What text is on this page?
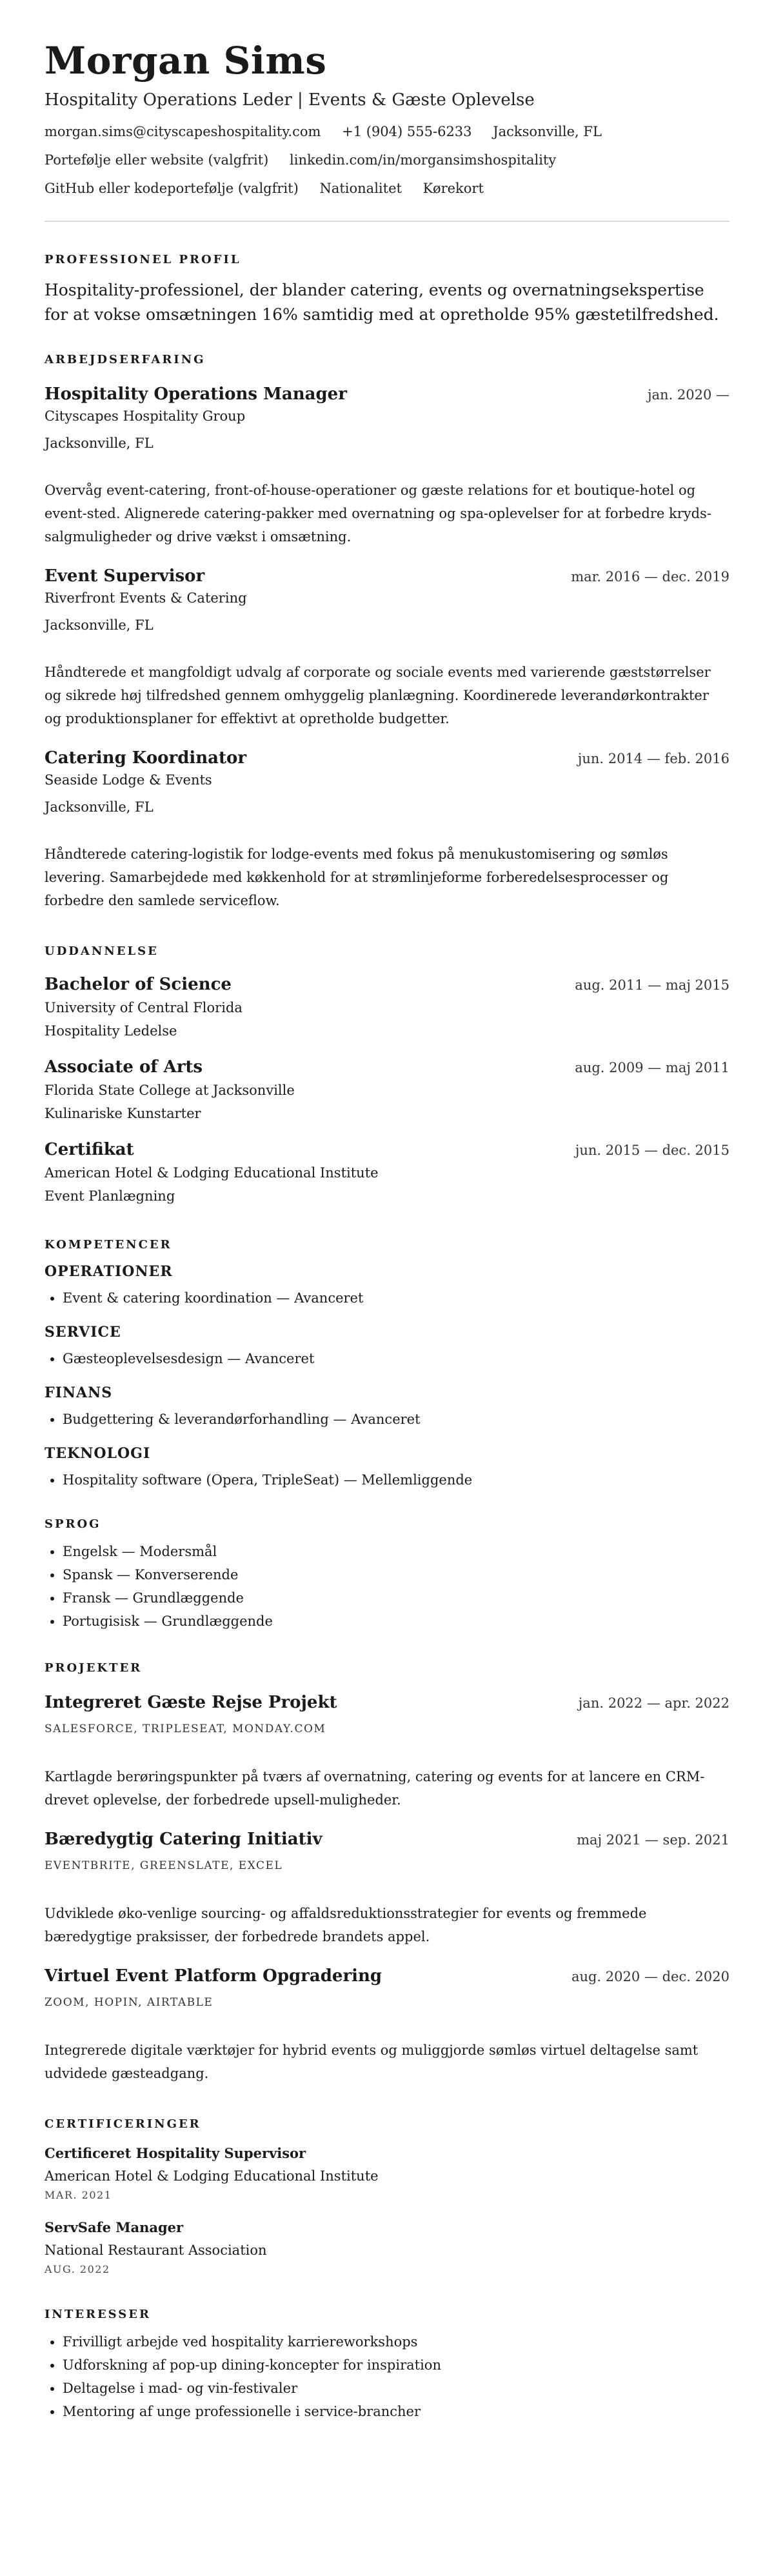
Morgan Sims
Hospitality Operations Leder | Events & Gæste Oplevelse
morgan.sims@cityscapeshospitality.com +1 (904) 555-6233 Jacksonville, FL
Portefølje eller website (valgfrit) linkedin.com/in/morgansimshospitality
GitHub eller kodeportefølje (valgfrit) Nationalitet Kørekort
PROFESSIONEL PROFIL
Hospitality-professionel, der blander catering, events og overnatningsekspertise for at vokse omsætningen 16% samtidig med at opretholde 95% gæstetilfredshed.
ARBEJDSERFARING
Hospitality Operations Manager	jan. 2020 —
Cityscapes Hospitality Group
Jacksonville, FL
Overvåg event-catering, front-of-house-operationer og gæste relations for et boutique-hotel og event-sted. Alignerede catering-pakker med overnatning og spa-oplevelser for at forbedre kryds-salgmuligheder og drive vækst i omsætning.
Event Supervisor	mar. 2016 — dec. 2019
Riverfront Events & Catering
Jacksonville, FL
Håndterede et mangfoldigt udvalg af corporate og sociale events med varierende gæststørrelser og sikrede høj tilfredshed gennem omhyggelig planlægning. Koordinerede leverandørkontrakter og produktionsplaner for effektivt at opretholde budgetter.
Catering Koordinator	jun. 2014 — feb. 2016
Seaside Lodge & Events
Jacksonville, FL
Håndterede catering-logistik for lodge-events med fokus på menukustomisering og sømløs levering. Samarbejdede med køkkenhold for at strømlinjeforme forberedelsesprocesser og forbedre den samlede serviceflow.
UDDANNELSE
Bachelor of Science	aug. 2011 — maj 2015
University of Central Florida
Hospitality Ledelse
Associate of Arts	aug. 2009 — maj 2011
Florida State College at Jacksonville
Kulinariske Kunstarter
Certifikat	jun. 2015 — dec. 2015
American Hotel & Lodging Educational Institute
Event Planlægning
KOMPETENCER
OPERATIONER
• Event & catering koordination — Avanceret
SERVICE
• Gæsteoplevelsesdesign — Avanceret
FINANS
• Budgettering & leverandørforhandling — Avanceret
TEKNOLOGI
• Hospitality software (Opera, TripleSeat) — Mellemliggende
SPROG
• Engelsk — Modersmål
• Spansk — Konverserende
• Fransk — Grundlæggende
• Portugisisk — Grundlæggende
PROJEKTER
Integreret Gæste Rejse Projekt	jan. 2022 — apr. 2022
SALESFORCE, TRIPLESEAT, MONDAY.COM
Kartlagde berøringspunkter på tværs af overnatning, catering og events for at lancere en CRM-drevet oplevelse, der forbedrede upsell-muligheder.
Bæredygtig Catering Initiativ	maj 2021 — sep. 2021
EVENTBRITE, GREENSLATE, EXCEL
Udviklede øko-venlige sourcing- og affaldsreduktionsstrategier for events og fremmede bæredygtige praksisser, der forbedrede brandets appel.
Virtuel Event Platform Opgradering	aug. 2020 — dec. 2020
ZOOM, HOPIN, AIRTABLE
Integrerede digitale værktøjer for hybrid events og muliggjorde sømløs virtuel deltagelse samt udvidede gæsteadgang.
CERTIFICERINGER
Certificeret Hospitality Supervisor
American Hotel & Lodging Educational Institute
MAR. 2021
ServSafe Manager
National Restaurant Association
AUG. 2022
INTERESSER
• Frivilligt arbejde ved hospitality karriereworkshops
• Udforskning af pop-up dining-koncepter for inspiration
• Deltagelse i mad- og vin-festivaler
• Mentoring af unge professionelle i service-brancher
